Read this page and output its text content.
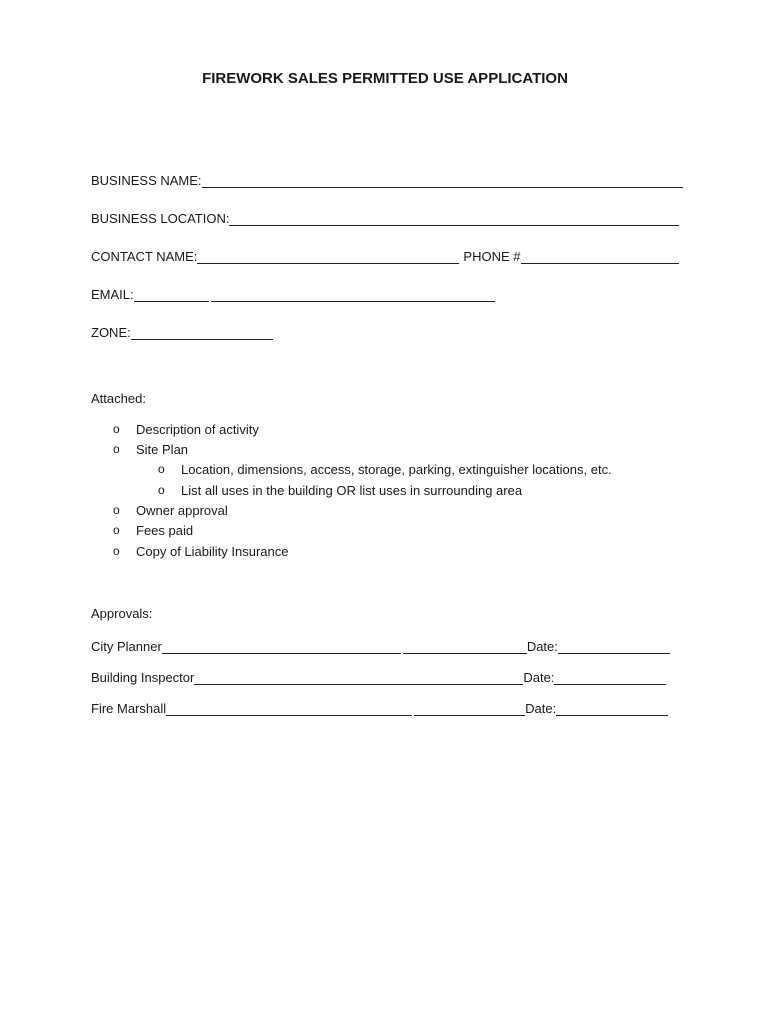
FIREWORK SALES PERMITTED USE APPLICATION
BUSINESS NAME:
BUSINESS LOCATION:
CONTACT NAME:	PHONE #
EMAIL:
ZONE:
Attached:
o Description of activity
o Site Plan
o Location, dimensions, access, storage, parking, extinguisher locations, etc.
o List all uses in the building OR list uses in surrounding area
o Owner approval
o Fees paid
o Copy of Liability Insurance
Approvals:
City Planner	Date:
Building Inspector	Date:
Fire Marshall	Date:
